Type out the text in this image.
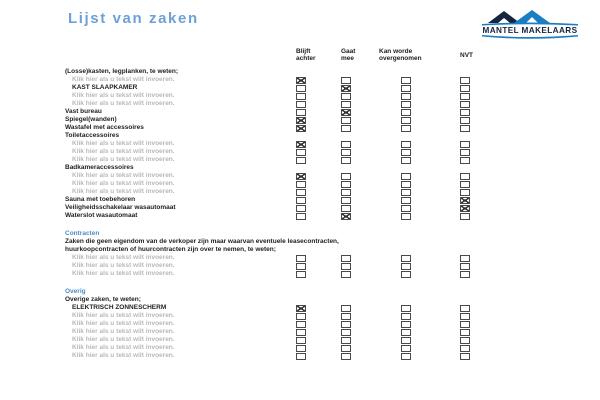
Lijst van zaken
MANTEL MAKELAARS
Blijft
achter
Gaat
mee
Kan worde
overgenomen	NVT
(Losse)kasten, legplanken, te weten;
Klik hier als u tekst wilt invoeren.
KAST SLAAPKAMER
Klik hier als u tekst wilt invoeren.
Klik hier als u tekst wilt invoeren.
Vast bureau
Spiegel(wanden)
Wastafel met accessoires
Toiletaccessoires
Klik hier als u tekst wilt invoeren.
Klik hier als u tekst wilt invoeren.
Klik hier als u tekst wilt invoeren.
Badkameraccessoires
Klik hier als u tekst wilt invoeren.
Klik hier als u tekst wilt invoeren.
Klik hier als u tekst wilt invoeren.
Sauna met toebehoren
Veiligheidsschakelaar wasautomaat
Waterslot wasautomaat
Contracten
Zaken die geen eigendom van de verkoper zijn maar waarvan eventuele leasecontracten,
huurkoopcontracten of huurcontracten zijn over te nemen, te weten;
Klik hier als u tekst wilt invoeren.
Klik hier als u tekst wilt invoeren.
Klik hier als u tekst wilt invoeren.
Overig
Overige zaken, te weten;
ELEKTRISCH ZONNESCHERM
Klik hier als u tekst wilt invoeren.
Klik hier als u tekst wilt invoeren.
Klik hier als u tekst wilt invoeren.
Klik hier als u tekst wilt invoeren.
Klik hier als u tekst wilt invoeren.
Klik hier als u tekst wilt invoeren.
